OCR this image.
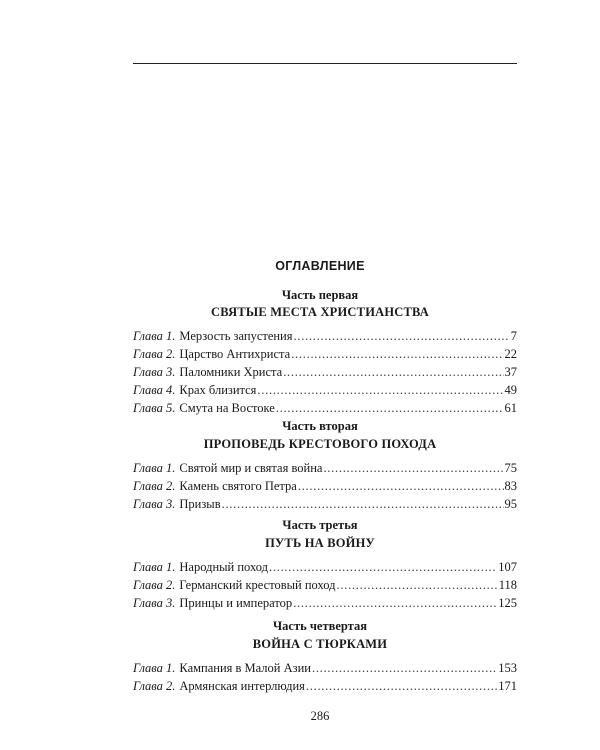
ОГЛАВЛЕНИЕ
Часть первая
СВЯТЫЕ МЕСТА ХРИСТИАНСТВА
Глава 1. Мерзость запустения . . .	7
Глава 2. Царство Антихриста . . .	22
Глава 3. Паломники Христа . . .	37
Глава 4. Крах близится . . .	49
Глава 5. Смута на Востоке . . .	61
Часть вторая
ПРОПОВЕДЬ КРЕСТОВОГО ПОХОДА
Глава 1. Святой мир и святая война . . .	75
Глава 2. Камень святого Петра . . .	83
Глава 3. Призыв . . .	95
Часть третья
ПУТЬ НА ВОЙНУ
Глава 1. Народный поход . . .	107
Глава 2. Германский крестовый поход . . .	118
Глава 3. Принцы и император . . .	125
Часть четвертая
ВОЙНА С ТЮРКАМИ
Глава 1. Кампания в Малой Азии . . .	153
Глава 2. Армянская интерлюдия . . .	171
286
